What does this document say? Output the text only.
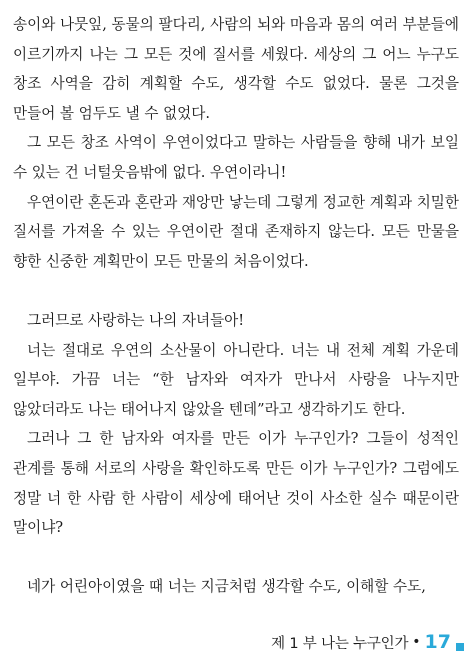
송이와 나뭇잎, 동물의 팔다리, 사람의 뇌와 마음과 몸의 여러 부분들에 이르기까지 나는 그 모든 것에 질서를 세웠다. 세상의 그 어느 누구도 창조 사역을 감히 계획할 수도, 생각할 수도 없었다. 물론 그것을 만들어 볼 엄두도 낼 수 없었다.

그 모든 창조 사역이 우연이었다고 말하는 사람들을 향해 내가 보일 수 있는 건 너털웃음밖에 없다. 우연이라니!

우연이란 혼돈과 혼란과 재앙만 낳는데 그렇게 정교한 계획과 치밀한 질서를 가져올 수 있는 우연이란 절대 존재하지 않는다. 모든 만물을 향한 신중한 계획만이 모든 만물의 처음이었다.

그러므로 사랑하는 나의 자녀들아!

너는 절대로 우연의 소산물이 아니란다. 너는 내 전체 계획 가운데 일부야. 가끔 너는 “한 남자와 여자가 만나서 사랑을 나누지만 않았더라도 나는 태어나지 않았을 텐데”라고 생각하기도 한다.

그러나 그 한 남자와 여자를 만든 이가 누구인가? 그들이 성적인 관계를 통해 서로의 사랑을 확인하도록 만든 이가 누구인가? 그럼에도 정말 너 한 사람 한 사람이 세상에 태어난 것이 사소한 실수 때문이란 말이냐?

네가 어린아이였을 때 너는 지금처럼 생각할 수도, 이해할 수도,

제 1 부 나는 누구인가 • 17
